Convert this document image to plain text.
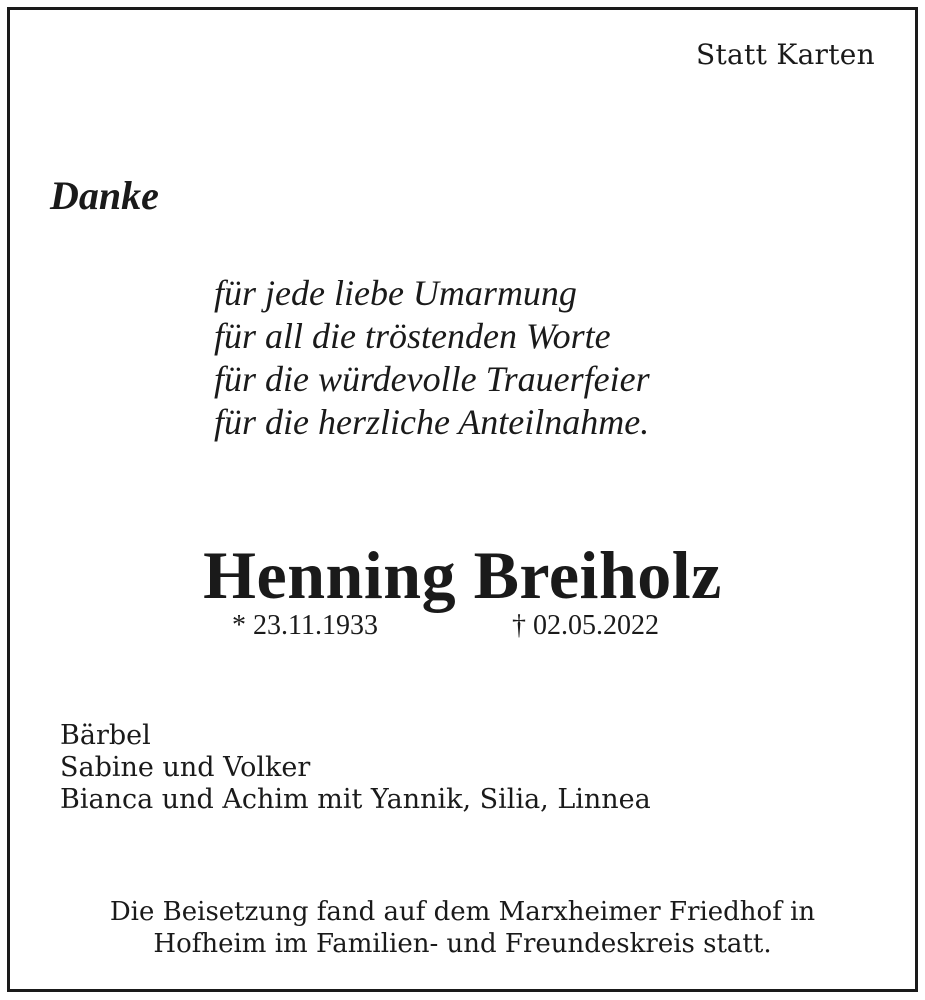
Statt Karten
Danke
für jede liebe Umarmung
für all die tröstenden Worte
für die würdevolle Trauerfeier
für die herzliche Anteilnahme.
Henning Breiholz
* 23.11.1933	† 02.05.2022
Bärbel
Sabine und Volker
Bianca und Achim mit Yannik, Silia, Linnea
Die Beisetzung fand auf dem Marxheimer Friedhof in
Hofheim im Familien- und Freundeskreis statt.
